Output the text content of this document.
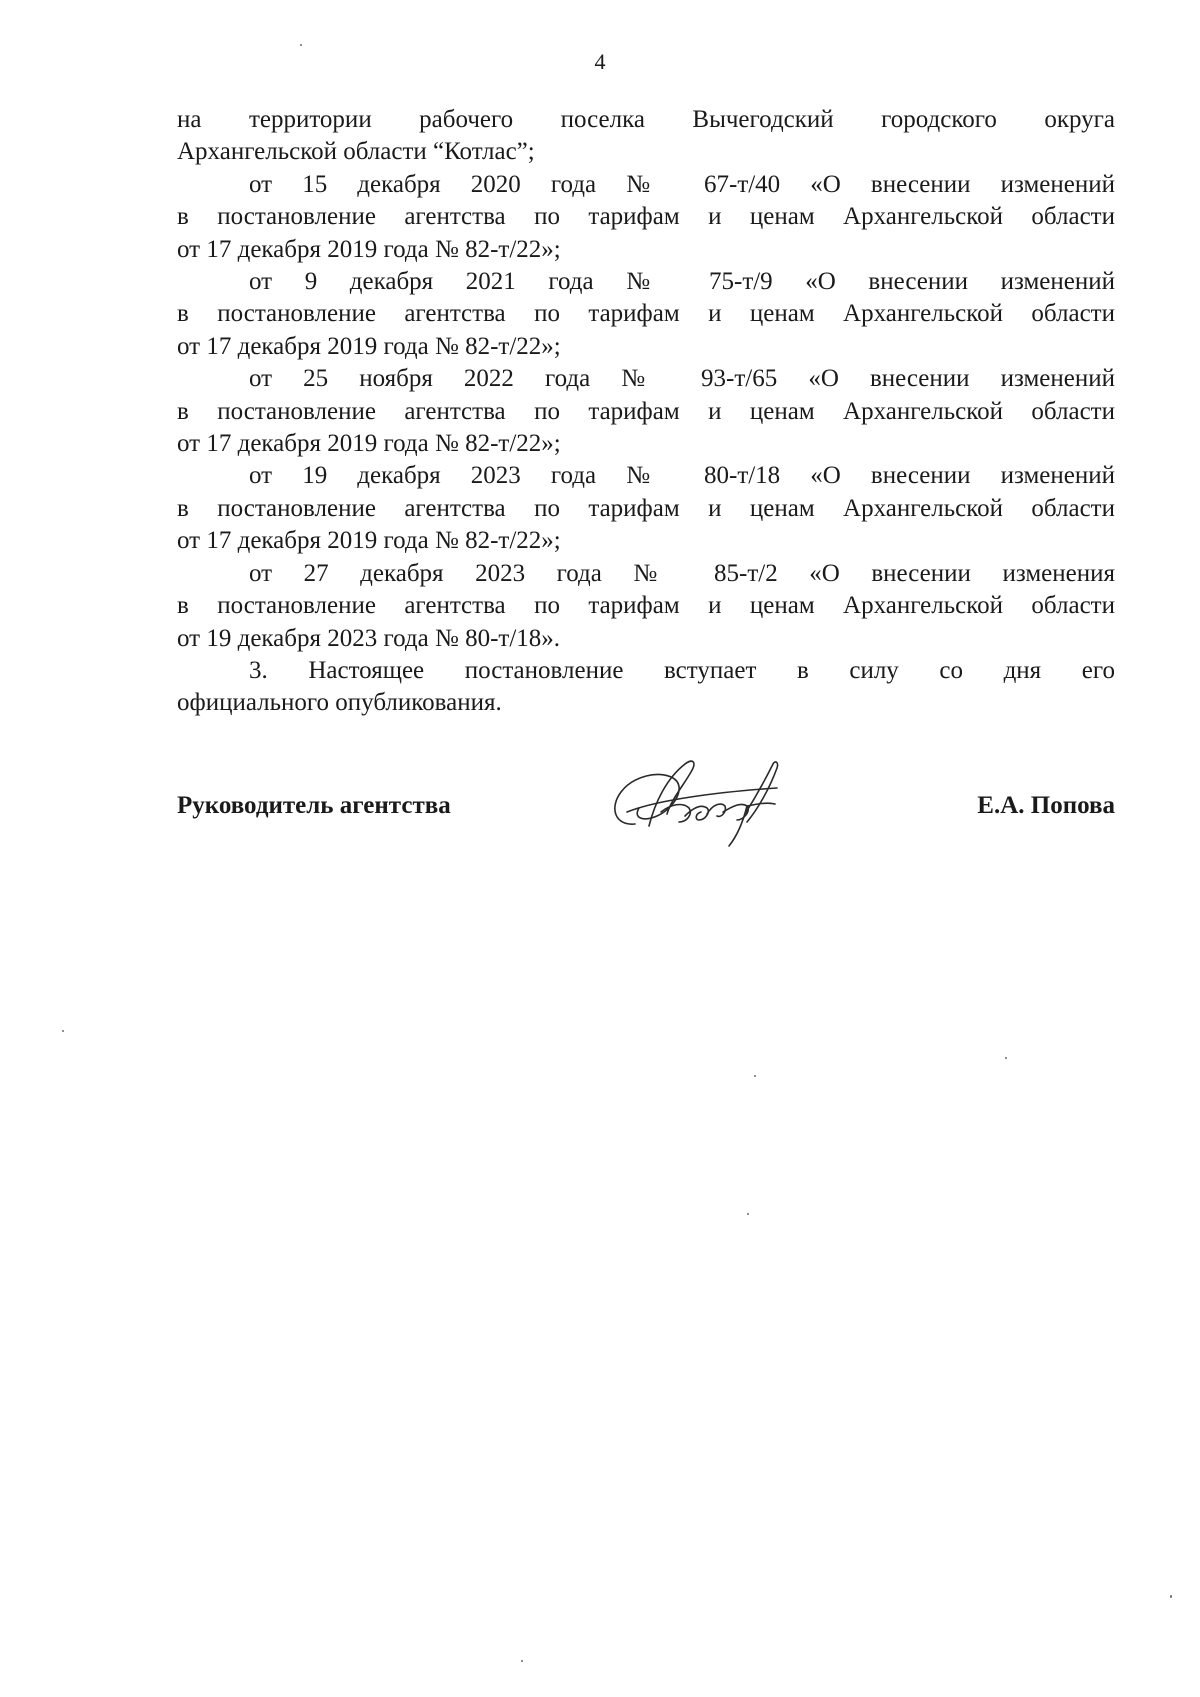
4

на территории рабочего поселка Вычегодский городского округа
Архангельской области “Котлас”;

от 15 декабря 2020 года № 67-т/40 «О внесении изменений
в постановление агентства по тарифам и ценам Архангельской области
от 17 декабря 2019 года № 82-т/22»;

от 9 декабря 2021 года № 75-т/9 «О внесении изменений
в постановление агентства по тарифам и ценам Архангельской области
от 17 декабря 2019 года № 82-т/22»;

от 25 ноября 2022 года № 93-т/65 «О внесении изменений
в постановление агентства по тарифам и ценам Архангельской области
от 17 декабря 2019 года № 82-т/22»;

от 19 декабря 2023 года № 80-т/18 «О внесении изменений
в постановление агентства по тарифам и ценам Архангельской области
от 17 декабря 2019 года № 82-т/22»;

от 27 декабря 2023 года № 85-т/2 «О внесении изменения
в постановление агентства по тарифам и ценам Архангельской области
от 19 декабря 2023 года № 80-т/18».

3. Настоящее постановление вступает в силу со дня его
официального опубликования.

Руководитель агентства	Е.А. Попова
